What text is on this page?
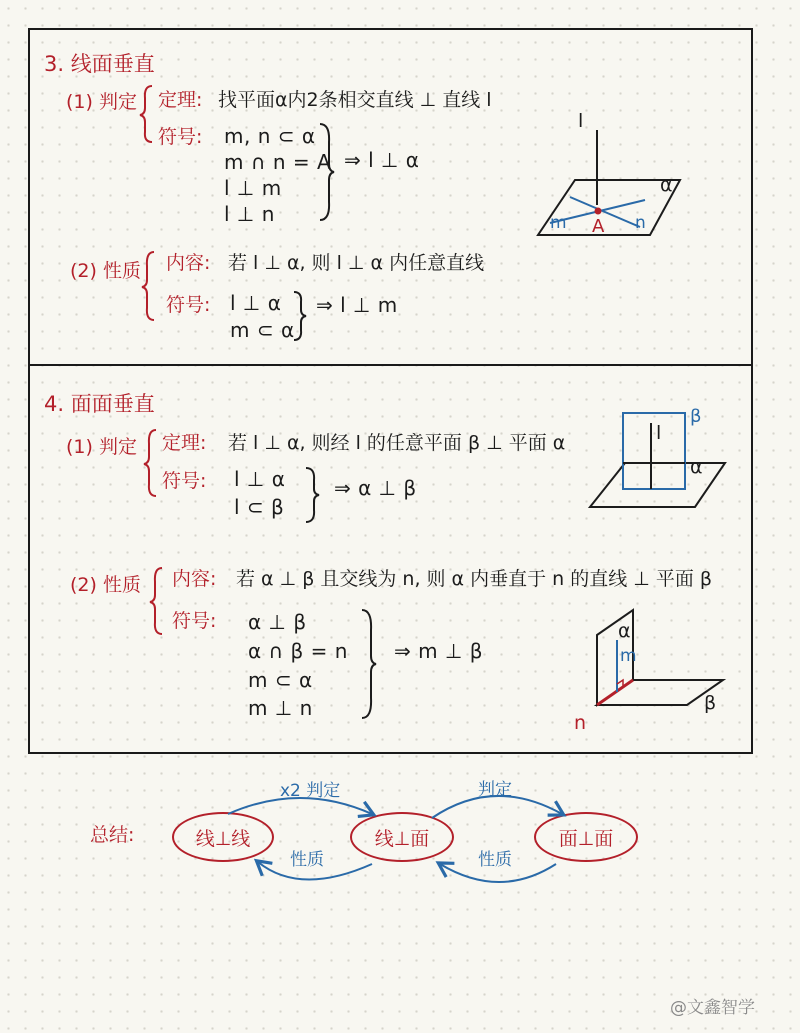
3. 线面垂直
(1) 判定 定理: 找平面α内2条相交直线 ⊥ 直线 l
符号: m, n ⊂ α
m ∩ n = A
l ⊥ m
l ⊥ n
⇒ l ⊥ α
l
α
m A n
(2) 性质 内容: 若 l ⊥ α, 则 l ⊥ α 内任意直线
符号: l ⊥ α
m ⊂ α
⇒ l ⊥ m
4. 面面垂直
(1) 判定 定理: 若 l ⊥ α, 则经 l 的任意平面 β ⊥ 平面 α
符号: l ⊥ α
l ⊂ β
⇒ α ⊥ β
β
l
α
(2) 性质 内容: 若 α ⊥ β 且交线为 n, 则 α 内垂直于 n 的直线 ⊥ 平面 β
符号: α ⊥ β
α ∩ β = n
m ⊂ α
m ⊥ n
⇒ m ⊥ β
α
m
β
n
总结:	线⊥线	线⊥面	面⊥面
x2 判定
性质
判定
性质
@文鑫智学
